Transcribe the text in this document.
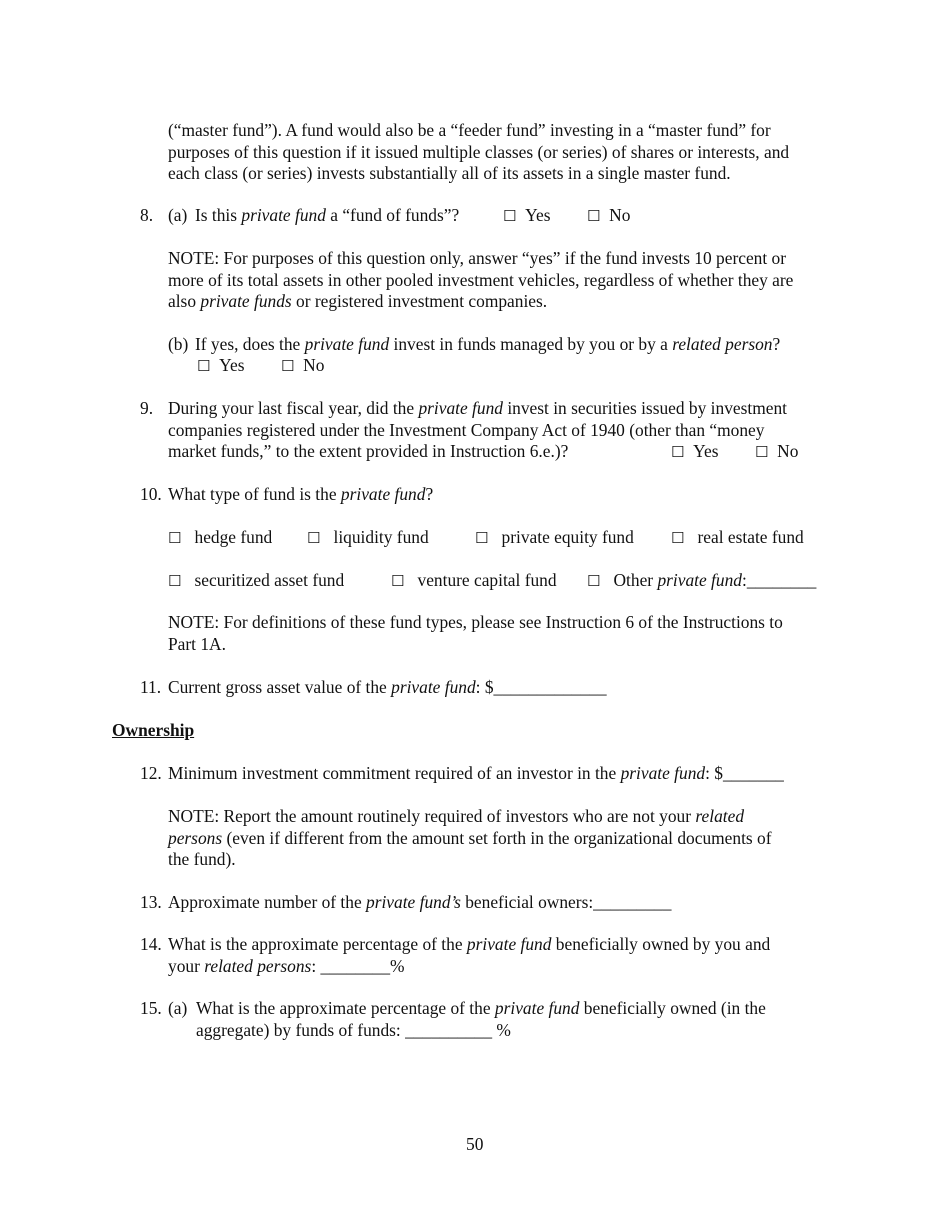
(“master fund”). A fund would also be a “feeder fund” investing in a “master fund” for
purposes of this question if it issued multiple classes (or series) of shares or interests, and
each class (or series) invests substantially all of its assets in a single master fund.
8. (a) Is this private fund a “fund of funds”?	☐ Yes ☐ No
NOTE: For purposes of this question only, answer “yes” if the fund invests 10 percent or
more of its total assets in other pooled investment vehicles, regardless of whether they are
also private funds or registered investment companies.
(b) If yes, does the private fund invest in funds managed by you or by a related person?
☐ Yes ☐ No
9. During your last fiscal year, did the private fund invest in securities issued by investment
companies registered under the Investment Company Act of 1940 (other than “money
market funds,” to the extent provided in Instruction 6.e.)?	☐ Yes ☐ No
10. What type of fund is the private fund?
☐ hedge fund ☐ liquidity fund	☐ private equity fund ☐ real estate fund
☐ securitized asset fund	☐ venture capital fund ☐ Other private fund:________
NOTE: For definitions of these fund types, please see Instruction 6 of the Instructions to
Part 1A.
11. Current gross asset value of the private fund: $_____________
Ownership
12. Minimum investment commitment required of an investor in the private fund: $_______
NOTE: Report the amount routinely required of investors who are not your related
persons (even if different from the amount set forth in the organizational documents of
the fund).
13. Approximate number of the private fund’s beneficial owners:_________
14. What is the approximate percentage of the private fund beneficially owned by you and
your related persons: ________%
15. (a) What is the approximate percentage of the private fund beneficially owned (in the
aggregate) by funds of funds: __________ %
50
